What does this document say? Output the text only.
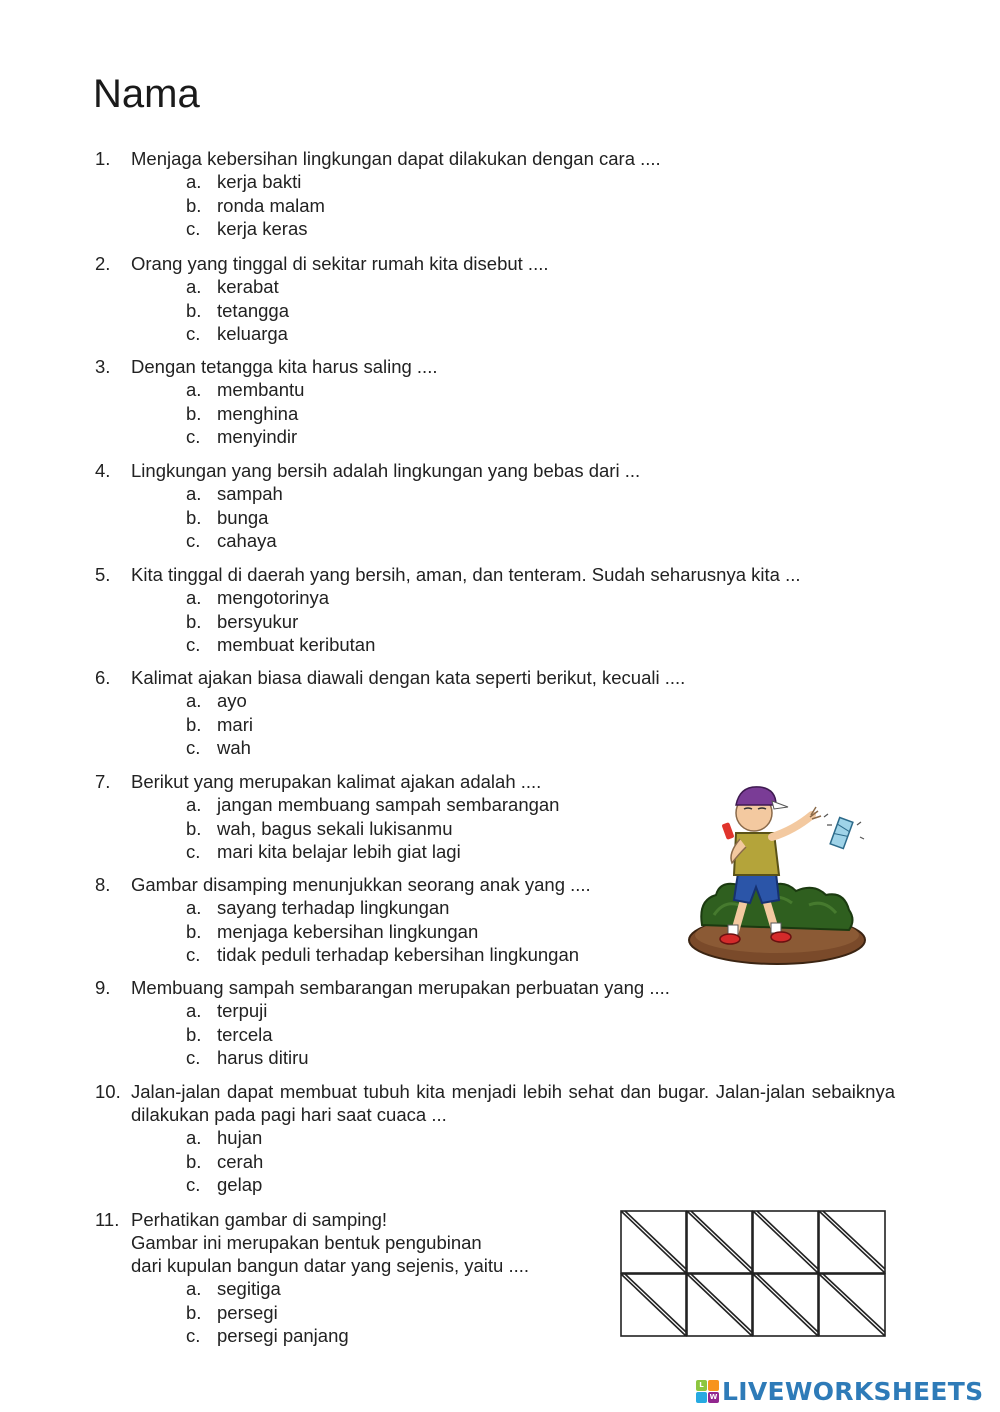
Nama
1.	Menjaga kebersihan lingkungan dapat dilakukan dengan cara ....
a. kerja bakti
b. ronda malam
c. kerja keras
2.	Orang yang tinggal di sekitar rumah kita disebut ....
a. kerabat
b. tetangga
c. keluarga
3.	Dengan tetangga kita harus saling ....
a. membantu
b. menghina
c. menyindir
4.	Lingkungan yang bersih adalah lingkungan yang bebas dari ...
a. sampah
b. bunga
c. cahaya
5.	Kita tinggal di daerah yang bersih, aman, dan tenteram. Sudah seharusnya kita ...
a. mengotorinya
b. bersyukur
c. membuat keributan
6.	Kalimat ajakan biasa diawali dengan kata seperti berikut, kecuali ....
a. ayo
b. mari
c. wah
7.	Berikut yang merupakan kalimat ajakan adalah ....
a. jangan membuang sampah sembarangan
b. wah, bagus sekali lukisanmu
c. mari kita belajar lebih giat lagi
8.	Gambar disamping menunjukkan seorang anak yang ....
a. sayang terhadap lingkungan
b. menjaga kebersihan lingkungan
c. tidak peduli terhadap kebersihan lingkungan
9.	Membuang sampah sembarangan merupakan perbuatan yang ....
a. terpuji
b. tercela
c. harus ditiru
10. Jalan-jalan dapat membuat tubuh kita menjadi lebih sehat dan bugar. Jalan-jalan sebaiknya dilakukan pada pagi hari saat cuaca ...
a. hujan
b. cerah
c. gelap
11. Perhatikan gambar di samping!
Gambar ini merupakan bentuk pengubinan
dari kupulan bangun datar yang sejenis, yaitu ....
a. segitiga
b. persegi
c. persegi panjang
L
W LIVEWORKSHEETS
